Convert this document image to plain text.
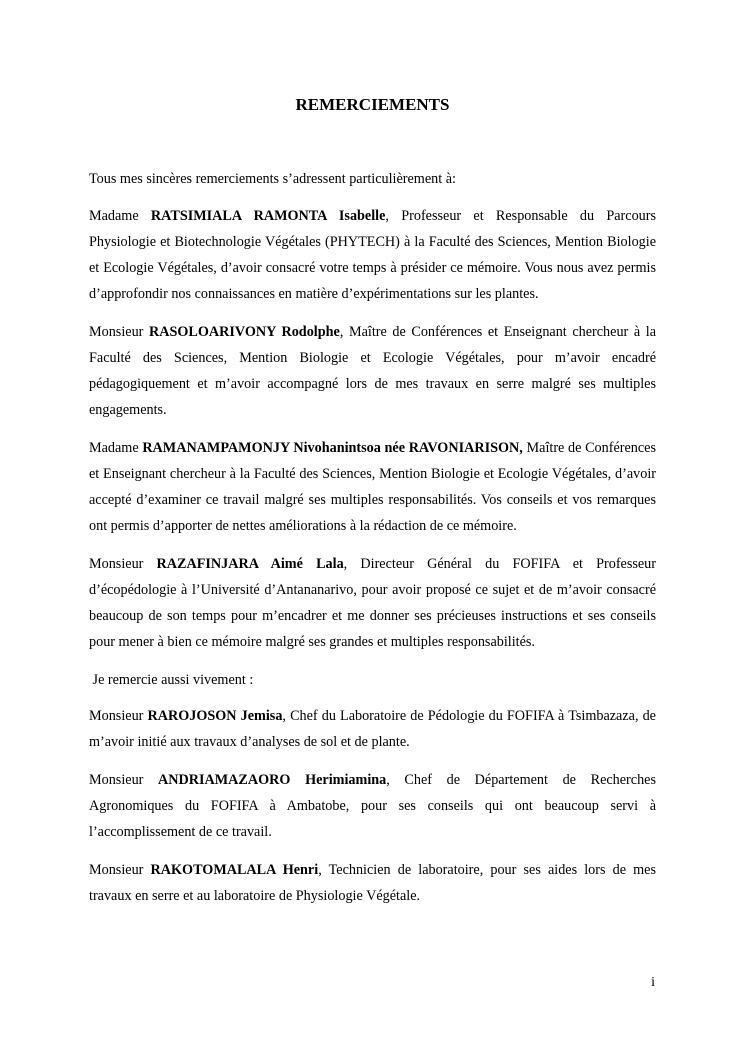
REMERCIEMENTS
Tous mes sincères remerciements s’adressent particulièrement à:

Madame RATSIMIALA RAMONTA Isabelle, Professeur et Responsable du Parcours Physiologie et Biotechnologie Végétales (PHYTECH) à la Faculté des Sciences, Mention Biologie et Ecologie Végétales, d’avoir consacré votre temps à présider ce mémoire. Vous nous avez permis d’approfondir nos connaissances en matière d’expérimentations sur les plantes.

Monsieur RASOLOARIVONY Rodolphe, Maître de Conférences et Enseignant chercheur à la Faculté des Sciences, Mention Biologie et Ecologie Végétales, pour m’avoir encadré pédagogiquement et m’avoir accompagné lors de mes travaux en serre malgré ses multiples engagements.

Madame RAMANAMPAMONJY Nivohanintsoa née RAVONIARISON, Maître de Conférences et Enseignant chercheur à la Faculté des Sciences, Mention Biologie et Ecologie Végétales, d’avoir accepté d’examiner ce travail malgré ses multiples responsabilités. Vos conseils et vos remarques ont permis d’apporter de nettes améliorations à la rédaction de ce mémoire.

Monsieur RAZAFINJARA Aimé Lala, Directeur Général du FOFIFA et Professeur d’écopédologie à l’Université d’Antananarivo, pour avoir proposé ce sujet et de m’avoir consacré beaucoup de son temps pour m’encadrer et me donner ses précieuses instructions et ses conseils pour mener à bien ce mémoire malgré ses grandes et multiples responsabilités.

Je remercie aussi vivement :

Monsieur RAROJOSON Jemisa, Chef du Laboratoire de Pédologie du FOFIFA à Tsimbazaza, de m’avoir initié aux travaux d’analyses de sol et de plante.

Monsieur ANDRIAMAZAORO Herimiamina, Chef de Département de Recherches Agronomiques du FOFIFA à Ambatobe, pour ses conseils qui ont beaucoup servi à l’accomplissement de ce travail.

Monsieur RAKOTOMALALA Henri, Technicien de laboratoire, pour ses aides lors de mes travaux en serre et au laboratoire de Physiologie Végétale.

i
